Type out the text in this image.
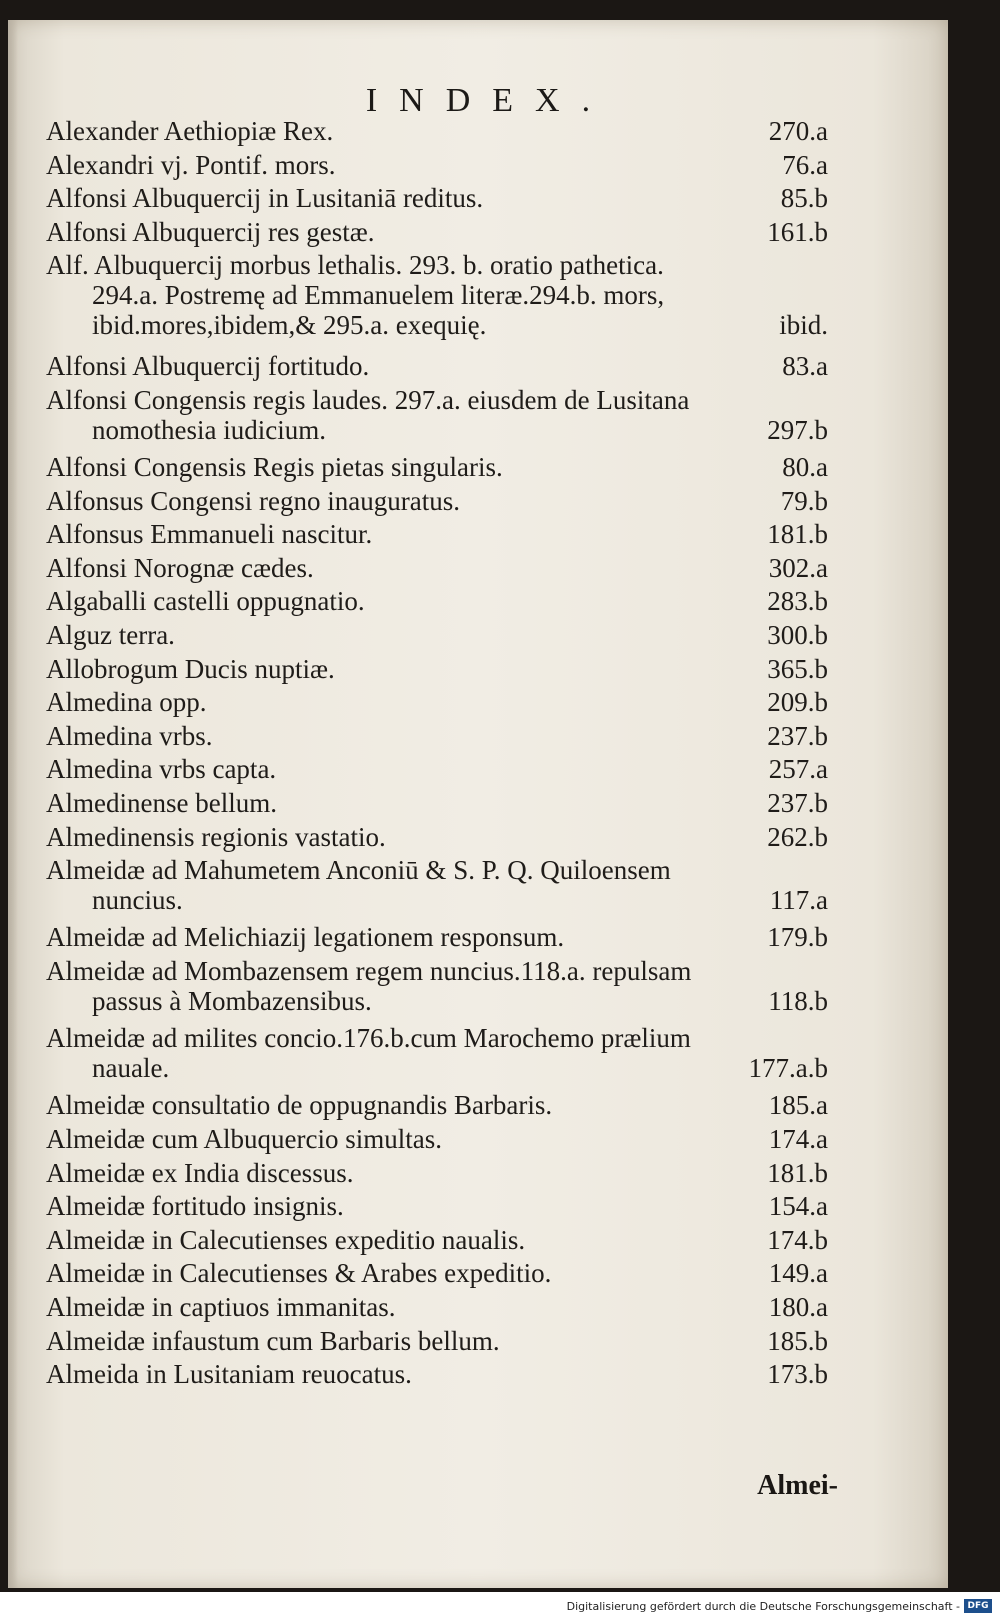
INDEX.
Alexander Aethiopiæ Rex.	270.a
Alexandri vj. Pontif. mors.	76.a
Alfonsi Albuquercij in Lusitaniā reditus.	85.b
Alfonsi Albuquercij res gestæ.	161.b
Alf. Albuquercij morbus lethalis. 293. b. oratio pathetica.
294.a. Postremę ad Emmanuelem literæ.294.b. mors,
ibid.mores,ibidem,& 295.a. exequię.	ibid.
Alfonsi Albuquercij fortitudo.	83.a
Alfonsi Congensis regis laudes. 297.a. eiusdem de Lusitana
nomothesia iudicium.	297.b
Alfonsi Congensis Regis pietas singularis.	80.a
Alfonsus Congensi regno inauguratus.	79.b
Alfonsus Emmanueli nascitur.	181.b
Alfonsi Norognæ cædes.	302.a
Algaballi castelli oppugnatio.	283.b
Alguz terra.	300.b
Allobrogum Ducis nuptiæ.	365.b
Almedina opp.	209.b
Almedina vrbs.	237.b
Almedina vrbs capta.	257.a
Almedinense bellum.	237.b
Almedinensis regionis vastatio.	262.b
Almeidæ ad Mahumetem Anconiū & S. P. Q. Quiloensem
nuncius.	117.a
Almeidæ ad Melichiazij legationem responsum.	179.b
Almeidæ ad Mombazensem regem nuncius.118.a. repulsam
passus à Mombazensibus.	118.b
Almeidæ ad milites concio.176.b.cum Marochemo prælium
nauale.	177.a.b
Almeidæ consultatio de oppugnandis Barbaris.	185.a
Almeidæ cum Albuquercio simultas.	174.a
Almeidæ ex India discessus.	181.b
Almeidæ fortitudo insignis.	154.a
Almeidæ in Calecutienses expeditio naualis.	174.b
Almeidæ in Calecutienses & Arabes expeditio.	149.a
Almeidæ in captiuos immanitas.	180.a
Almeidæ infaustum cum Barbaris bellum.	185.b
Almeida in Lusitaniam reuocatus.	173.b
Almei-
Digitalisierung gefördert durch die Deutsche Forschungsgemeinschaft - DFG
